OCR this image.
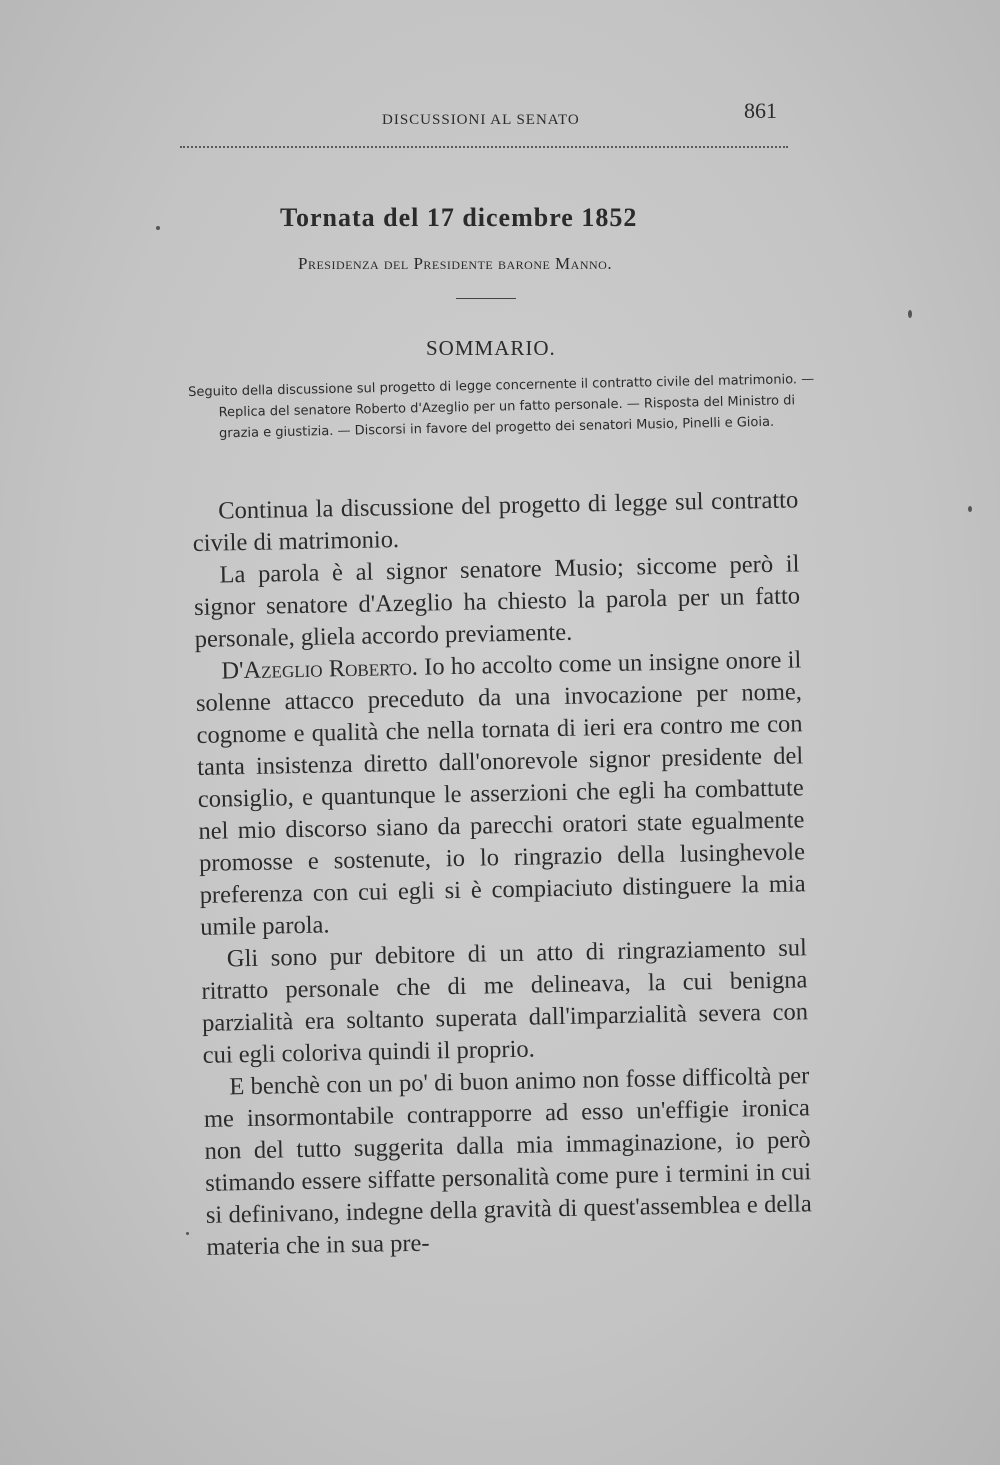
DISCUSSIONI AL SENATO	861
Tornata del 17 dicembre 1852
Presidenza del Presidente barone Manno.
SOMMARIO.
Seguito della discussione sul progetto di legge concernente il contratto civile del matrimonio. — Replica del senatore Roberto d'Azeglio per un fatto personale. — Risposta del Ministro di grazia e giustizia. — Discorsi in favore del progetto dei senatori Musio, Pinelli e Gioia.

Continua la discussione del progetto di legge sul contratto civile di matrimonio.

La parola è al signor senatore Musio; siccome però il signor senatore d'Azeglio ha chiesto la parola per un fatto personale, gliela accordo previamente.

D'Azeglio Roberto. Io ho accolto come un insigne onore il solenne attacco preceduto da una invocazione per nome, cognome e qualità che nella tornata di ieri era contro me con tanta insistenza diretto dall'onorevole signor presidente del consiglio, e quantunque le asserzioni che egli ha combattute nel mio discorso siano da parecchi oratori state egualmente promosse e sostenute, io lo ringrazio della lusinghevole preferenza con cui egli si è compiaciuto distinguere la mia umile parola.

Gli sono pur debitore di un atto di ringraziamento sul ritratto personale che di me delineava, la cui benigna parzialità era soltanto superata dall'imparzialità severa con cui egli coloriva quindi il proprio.

E benchè con un po' di buon animo non fosse difficoltà per me insormontabile contrapporre ad esso un'effigie ironica non del tutto suggerita dalla mia immaginazione, io però stimando essere siffatte personalità come pure i termini in cui si definivano, indegne della gravità di quest'assemblea e della materia che in sua pre-
